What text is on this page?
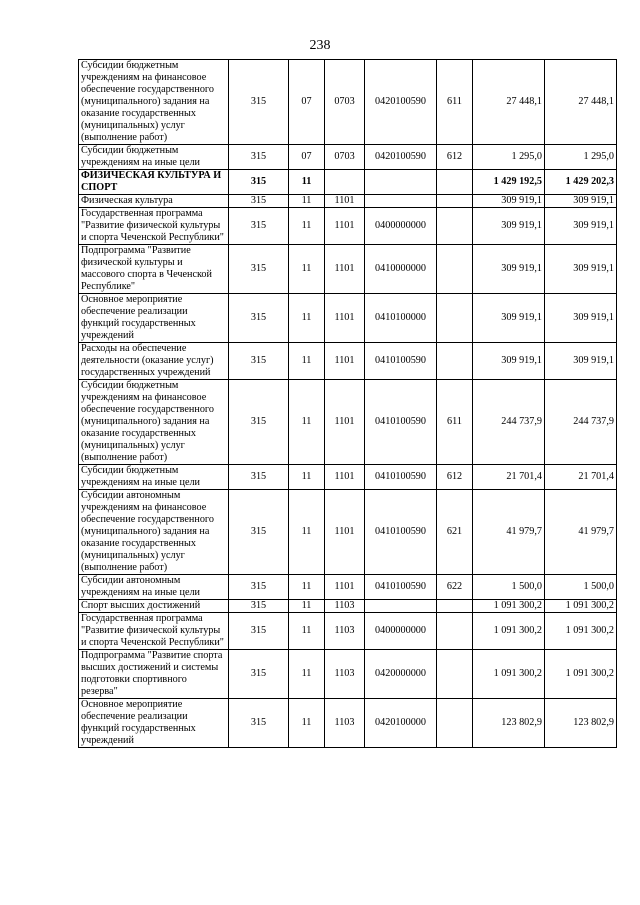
238
Субсидии бюджетным учреждениям на финансовое обеспечение государственного (муниципального) задания на оказание государственных (муниципальных) услуг (выполнение работ)	315	07	0703	0420100590	611	27 448,1	27 448,1
Субсидии бюджетным учреждениям на иные цели	315	07	0703	0420100590	612	1 295,0	1 295,0
ФИЗИЧЕСКАЯ КУЛЬТУРА И СПОРТ	315	11				1 429 192,5	1 429 202,3
Физическая культура	315	11	1101			309 919,1	309 919,1
Государственная программа "Развитие физической культуры и спорта Чеченской Республики"	315	11	1101	0400000000		309 919,1	309 919,1
Подпрограмма "Развитие физической культуры и массового спорта в Чеченской Республике"	315	11	1101	0410000000		309 919,1	309 919,1
Основное мероприятие обеспечение реализации функций государственных учреждений	315	11	1101	0410100000		309 919,1	309 919,1
Расходы на обеспечение деятельности (оказание услуг) государственных учреждений	315	11	1101	0410100590		309 919,1	309 919,1
Субсидии бюджетным учреждениям на финансовое обеспечение государственного (муниципального) задания на оказание государственных (муниципальных) услуг (выполнение работ)	315	11	1101	0410100590	611	244 737,9	244 737,9
Субсидии бюджетным учреждениям на иные цели	315	11	1101	0410100590	612	21 701,4	21 701,4
Субсидии автономным учреждениям на финансовое обеспечение государственного (муниципального) задания на оказание государственных (муниципальных) услуг (выполнение работ)	315	11	1101	0410100590	621	41 979,7	41 979,7
Субсидии автономным учреждениям на иные цели	315	11	1101	0410100590	622	1 500,0	1 500,0
Спорт высших достижений	315	11	1103			1 091 300,2	1 091 300,2
Государственная программа "Развитие физической культуры и спорта Чеченской Республики"	315	11	1103	0400000000		1 091 300,2	1 091 300,2
Подпрограмма "Развитие спорта высших достижений и системы подготовки спортивного резерва"	315	11	1103	0420000000		1 091 300,2	1 091 300,2
Основное мероприятие обеспечение реализации функций государственных учреждений	315	11	1103	0420100000		123 802,9	123 802,9
